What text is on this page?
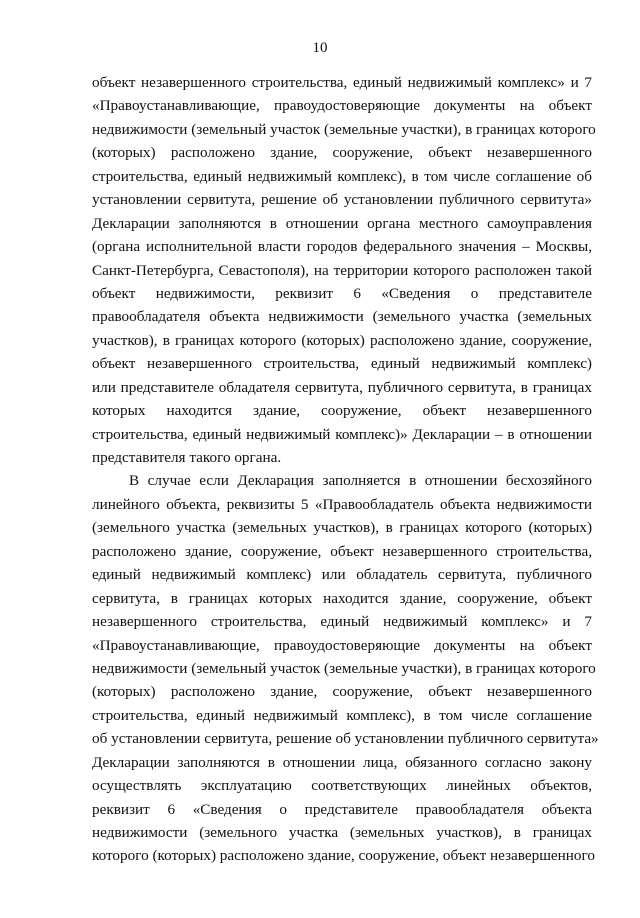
10
объект незавершенного строительства, единый недвижимый комплекс» и 7
«Правоустанавливающие, правоудостоверяющие документы на объект
недвижимости (земельный участок (земельные участки), в границах которого
(которых) расположено здание, сооружение, объект незавершенного
строительства, единый недвижимый комплекс), в том числе соглашение об
установлении сервитута, решение об установлении публичного сервитута»
Декларации заполняются в отношении органа местного самоуправления
(органа исполнительной власти городов федерального значения – Москвы,
Санкт-Петербурга, Севастополя), на территории которого расположен такой
объект недвижимости, реквизит 6 «Сведения о представителе
правообладателя объекта недвижимости (земельного участка (земельных
участков), в границах которого (которых) расположено здание, сооружение,
объект незавершенного строительства, единый недвижимый комплекс)
или представителе обладателя сервитута, публичного сервитута, в границах
которых находится здание, сооружение, объект незавершенного
строительства, единый недвижимый комплекс)» Декларации – в отношении
представителя такого органа.
В случае если Декларация заполняется в отношении бесхозяйного
линейного объекта, реквизиты 5 «Правообладатель объекта недвижимости
(земельного участка (земельных участков), в границах которого (которых)
расположено здание, сооружение, объект незавершенного строительства,
единый недвижимый комплекс) или обладатель сервитута, публичного
сервитута, в границах которых находится здание, сооружение, объект
незавершенного строительства, единый недвижимый комплекс» и 7
«Правоустанавливающие, правоудостоверяющие документы на объект
недвижимости (земельный участок (земельные участки), в границах которого
(которых) расположено здание, сооружение, объект незавершенного
строительства, единый недвижимый комплекс), в том числе соглашение
об установлении сервитута, решение об установлении публичного сервитута»
Декларации заполняются в отношении лица, обязанного согласно закону
осуществлять эксплуатацию соответствующих линейных объектов,
реквизит 6 «Сведения о представителе правообладателя объекта
недвижимости (земельного участка (земельных участков), в границах
которого (которых) расположено здание, сооружение, объект незавершенного
